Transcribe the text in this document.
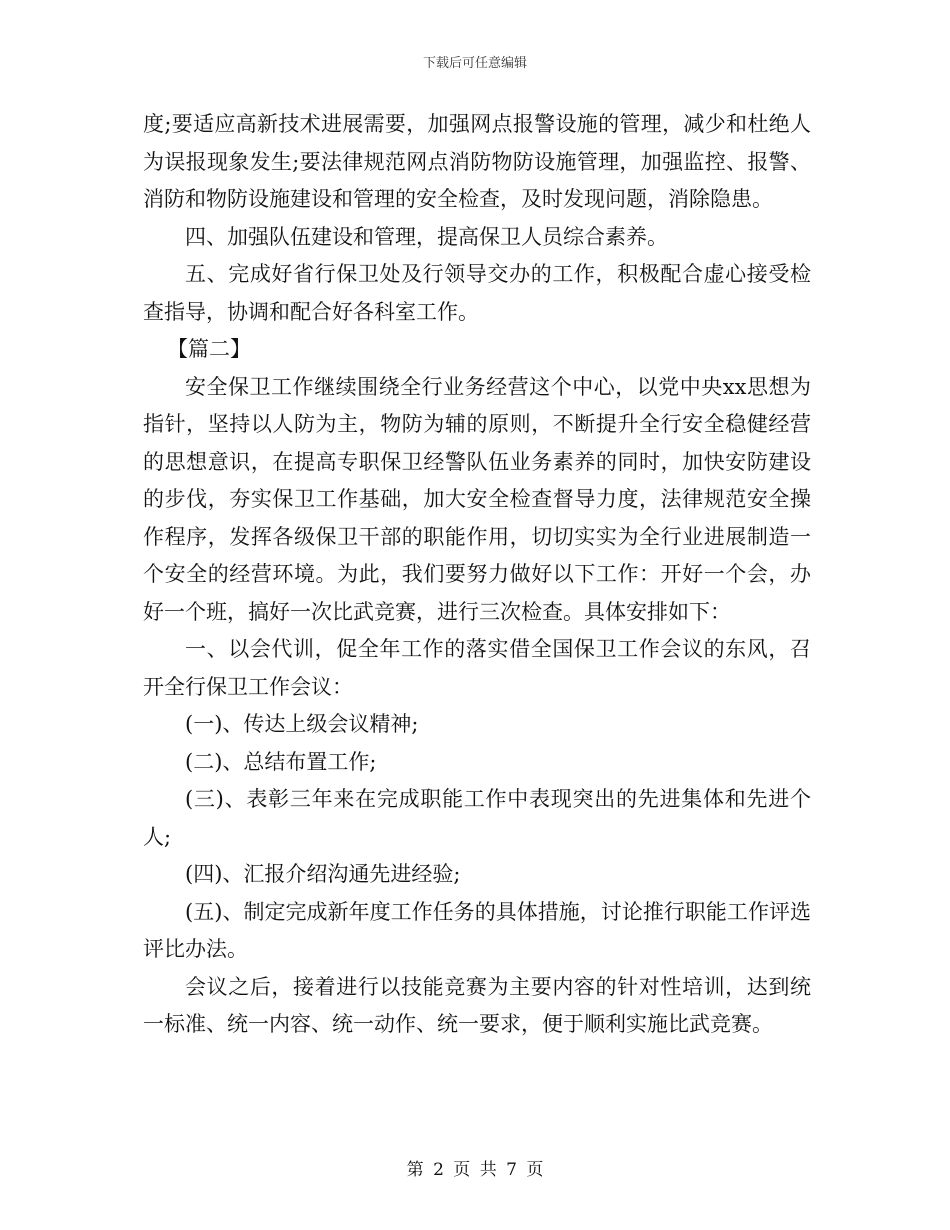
下载后可任意编辑

度;要适应高新技术进展需要，加强网点报警设施的管理，减少和杜绝人为误报现象发生;要法律规范网点消防物防设施管理，加强监控、报警、消防和物防设施建设和管理的安全检查，及时发现问题，消除隐患。

四、加强队伍建设和管理，提高保卫人员综合素养。

五、完成好省行保卫处及行领导交办的工作，积极配合虚心接受检查指导，协调和配合好各科室工作。

【篇二】

安全保卫工作继续围绕全行业务经营这个中心，以党中央xx思想为指针，坚持以人防为主，物防为辅的原则，不断提升全行安全稳健经营的思想意识，在提高专职保卫经警队伍业务素养的同时，加快安防建设的步伐，夯实保卫工作基础，加大安全检查督导力度，法律规范安全操作程序，发挥各级保卫干部的职能作用，切切实实为全行业进展制造一个安全的经营环境。为此，我们要努力做好以下工作：开好一个会，办好一个班，搞好一次比武竞赛，进行三次检查。具体安排如下：

一、以会代训，促全年工作的落实借全国保卫工作会议的东风，召开全行保卫工作会议：

(一)、传达上级会议精神;

(二)、总结布置工作;

(三)、表彰三年来在完成职能工作中表现突出的先进集体和先进个人;

(四)、汇报介绍沟通先进经验;

(五)、制定完成新年度工作任务的具体措施，讨论推行职能工作评选评比办法。

会议之后，接着进行以技能竞赛为主要内容的针对性培训，达到统一标准、统一内容、统一动作、统一要求，便于顺利实施比武竞赛。

第 2 页 共 7 页
